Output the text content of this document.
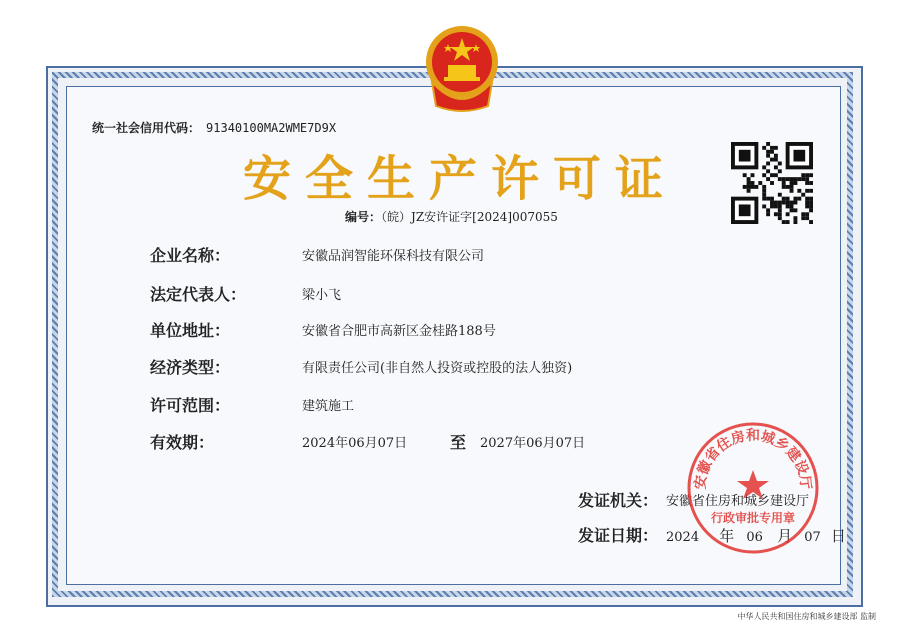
统一社会信用代码： 91340100MA2WME7D9X
安全生产许可证
编号：（皖）JZ安许证字[2024]007055
企业名称：	安徽品润智能环保科技有限公司
法定代表人：	梁小飞
单位地址：	安徽省合肥市高新区金桂路188号
经济类型：	有限责任公司(非自然人投资或控股的法人独资)
许可范围：	建筑施工
有效期：	2024年06月07日	至 2027年06月07日
发证机关： 安徽省住房和城乡建设厅
发证日期： 2024 年 06 月 07 日
安徽省住房和城乡建设厅
行政审批专用章
中华人民共和国住房和城乡建设部 监制
